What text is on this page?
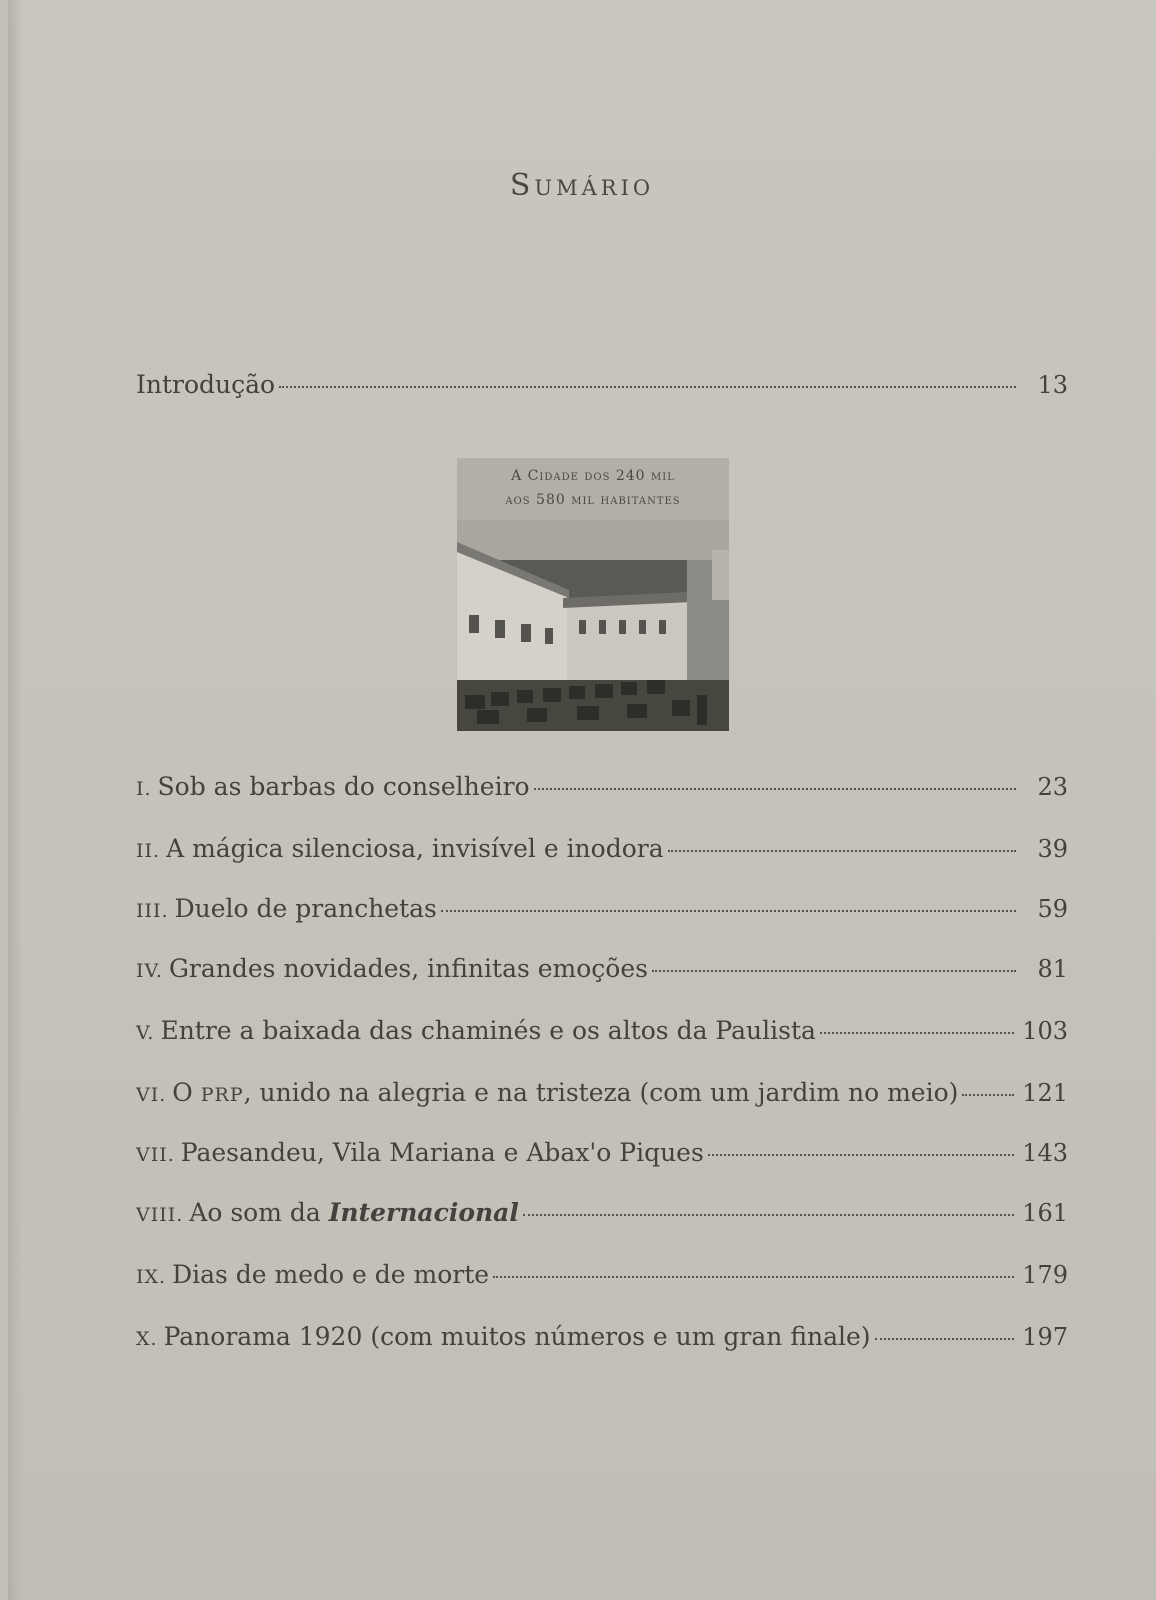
Sumário
Introdução	13
A Cidade dos 240 mil
aos 580 mil habitantes
I. Sob as barbas do conselheiro	23
II. A mágica silenciosa, invisível e inodora	39
III. Duelo de pranchetas	59
IV. Grandes novidades, infinitas emoções	81
V. Entre a baixada das chaminés e os altos da Paulista	103
VI. O PRP, unido na alegria e na tristeza (com um jardim no meio)	121
VII. Paesandeu, Vila Mariana e Abax'o Piques	143
VIII. Ao som da Internacional	161
IX. Dias de medo e de morte	179
X. Panorama 1920 (com muitos números e um gran finale)	197
